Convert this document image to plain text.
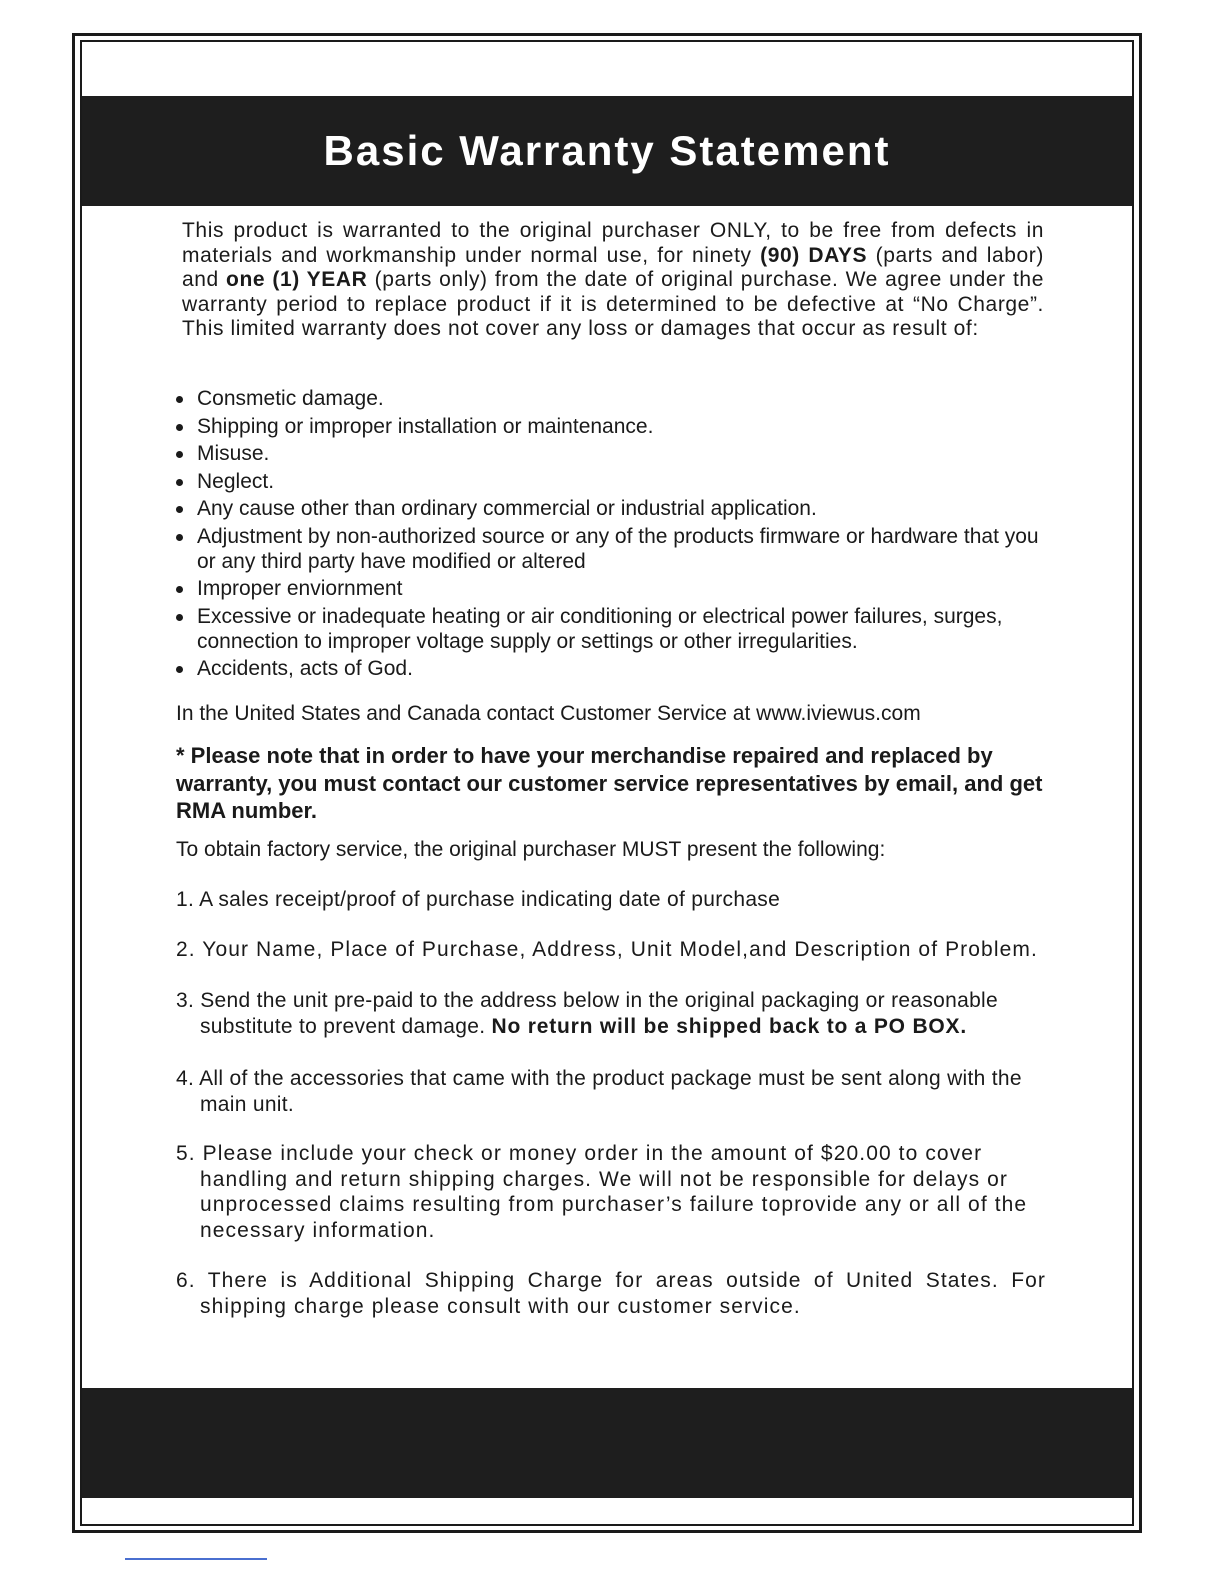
Basic Warranty Statement

This product is warranted to the original purchaser ONLY, to be free from defects in materials and workmanship under normal use, for ninety (90) DAYS (parts and labor) and one (1) YEAR (parts only) from the date of original purchase. We agree under the warranty period to replace product if it is determined to be defective at “No Charge”. This limited warranty does not cover any loss or damages that occur as result of:

Consmetic damage.
Shipping or improper installation or maintenance.
Misuse.
Neglect.
Any cause other than ordinary commercial or industrial application.
Adjustment by non-authorized source or any of the products firmware or hardware that you or any third party have modified or altered
Improper enviornment
Excessive or inadequate heating or air conditioning or electrical power failures, surges, connection to improper voltage supply or settings or other irregularities.
Accidents, acts of God.

In the United States and Canada contact Customer Service at www.iviewus.com

* Please note that in order to have your merchandise repaired and replaced by warranty, you must contact our customer service representatives by email, and get RMA number.

To obtain factory service, the original purchaser MUST present the following:

1. A sales receipt/proof of purchase indicating date of purchase

2. Your Name, Place of Purchase, Address, Unit Model,and Description of Problem.

3. Send the unit pre-paid to the address below in the original packaging or reasonable substitute to prevent damage. No return will be shipped back to a PO BOX.

4. All of the accessories that came with the product package must be sent along with the main unit.

5. Please include your check or money order in the amount of $20.00 to cover handling and return shipping charges. We will not be responsible for delays or unprocessed claims resulting from purchaser’s failure toprovide any or all of the necessary information.

6. There is Additional Shipping Charge for areas outside of United States. For shipping charge please consult with our customer service.
